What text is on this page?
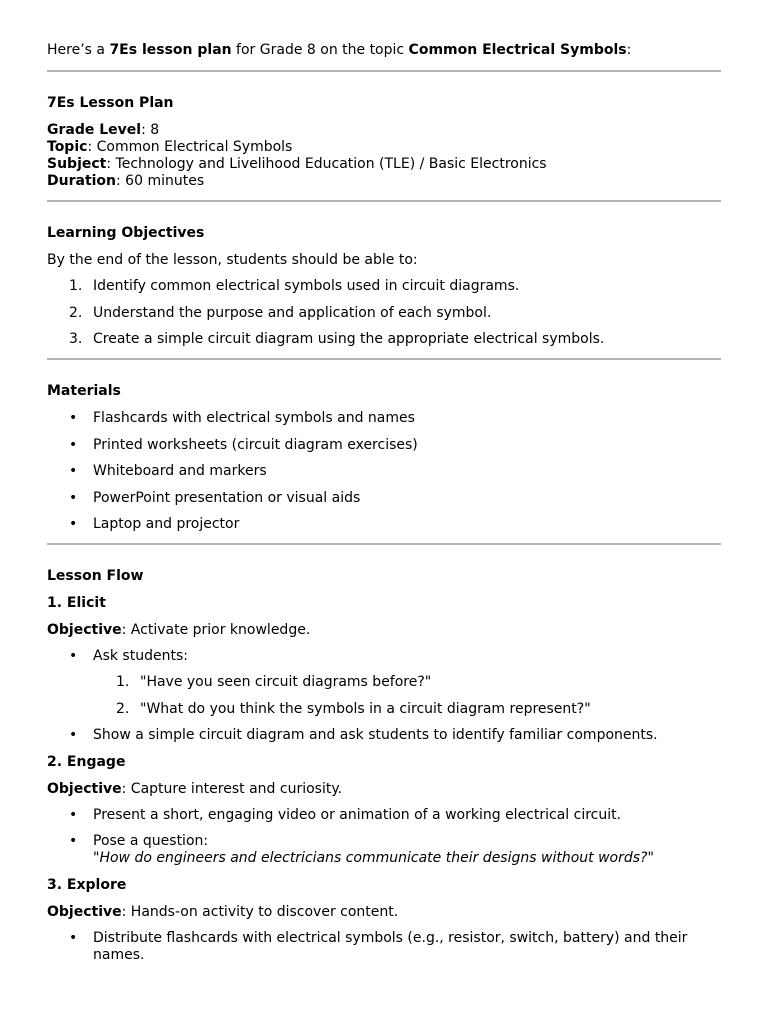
Here’s a 7Es lesson plan for Grade 8 on the topic Common Electrical Symbols:

7Es Lesson Plan

Grade Level: 8

Topic: Common Electrical Symbols

Subject: Technology and Livelihood Education (TLE) / Basic Electronics

Duration: 60 minutes

Learning Objectives

By the end of the lesson, students should be able to:

1. Identify common electrical symbols used in circuit diagrams.
2. Understand the purpose and application of each symbol.
3. Create a simple circuit diagram using the appropriate electrical symbols.

Materials

• Flashcards with electrical symbols and names
• Printed worksheets (circuit diagram exercises)
• Whiteboard and markers
• PowerPoint presentation or visual aids
• Laptop and projector

Lesson Flow

1. Elicit

Objective: Activate prior knowledge.

• Ask students:
1. "Have you seen circuit diagrams before?"
2. "What do you think the symbols in a circuit diagram represent?"
• Show a simple circuit diagram and ask students to identify familiar components.

2. Engage

Objective: Capture interest and curiosity.

• Present a short, engaging video or animation of a working electrical circuit.
• Pose a question:
"How do engineers and electricians communicate their designs without words?"

3. Explore

Objective: Hands-on activity to discover content.

• Distribute flashcards with electrical symbols (e.g., resistor, switch, battery) and their names.
